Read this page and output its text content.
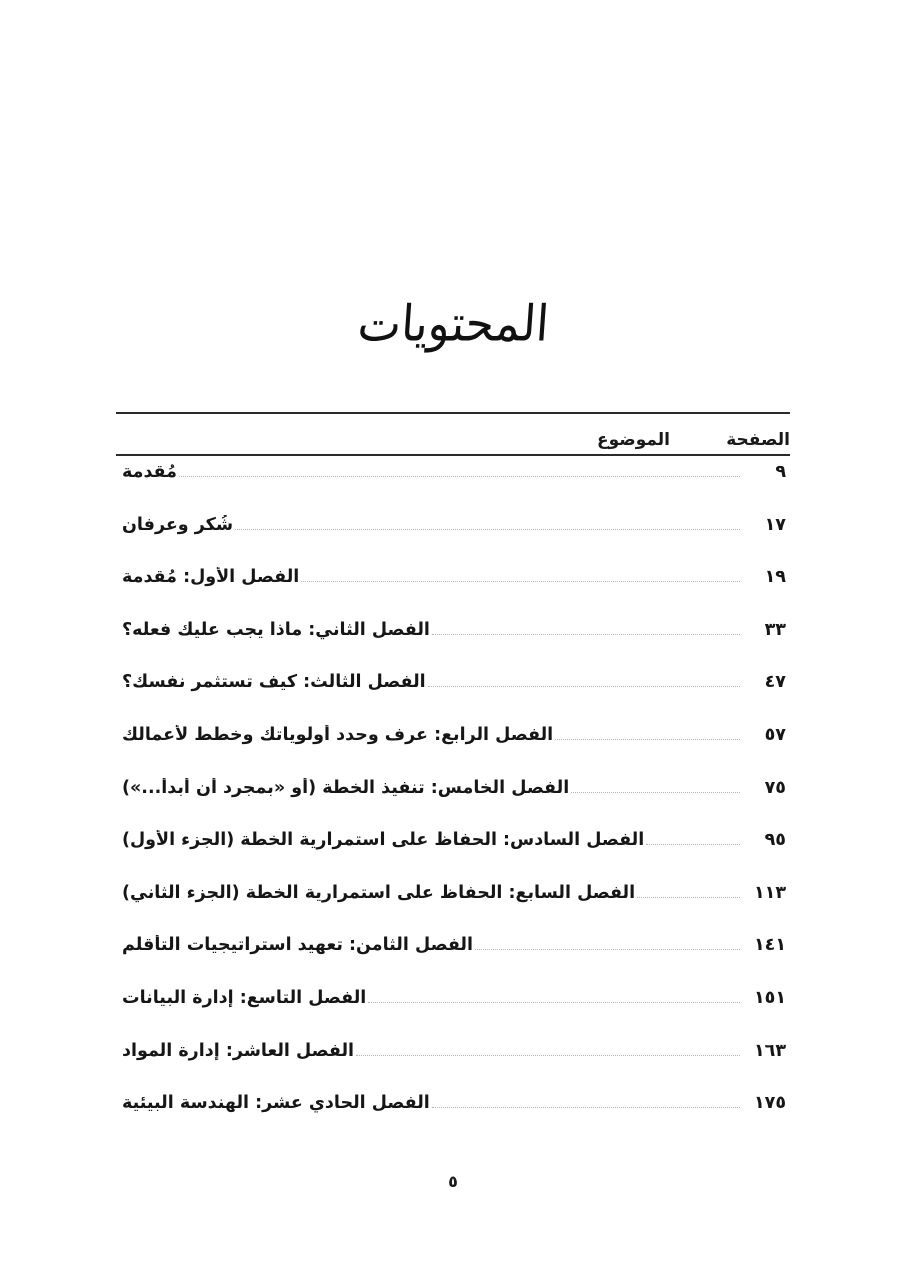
المحتويات
الصفحة
الموضوع
٩
مُقدمة
١٧
شُكر وعرفان
١٩
الفصل الأول: مُقدمة
٣٣
الفصل الثاني: ماذا يجب عليك فعله؟
٤٧
الفصل الثالث: كيف تستثمر نفسك؟
٥٧
الفصل الرابع: عرف وحدد أولوياتك وخطط لأعمالك
٧٥
الفصل الخامس: تنفيذ الخطة (أو «بمجرد أن أبدأ...»)
٩٥
الفصل السادس: الحفاظ على استمرارية الخطة (الجزء الأول)
١١٣
الفصل السابع: الحفاظ على استمرارية الخطة (الجزء الثاني)
١٤١
الفصل الثامن: تعهيد استراتيجيات التأقلم
١٥١
الفصل التاسع: إدارة البيانات
١٦٣
الفصل العاشر: إدارة المواد
١٧٥
الفصل الحادي عشر: الهندسة البيئية
٥
